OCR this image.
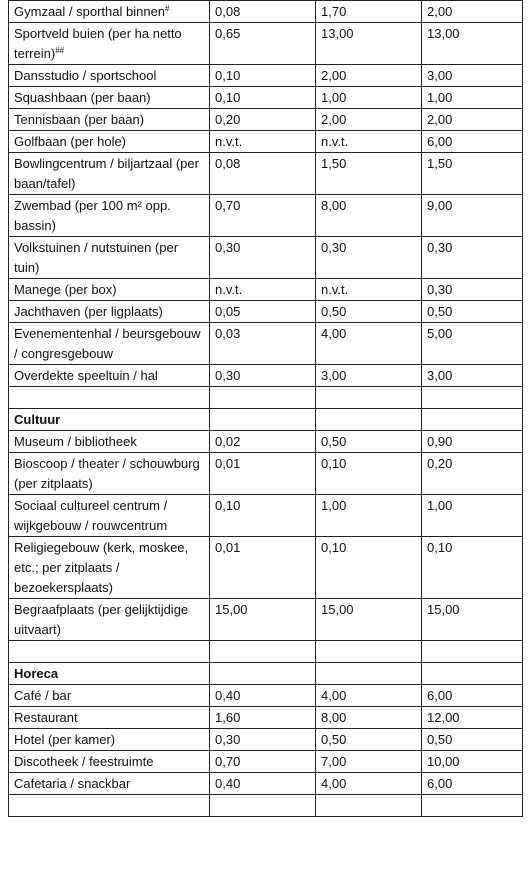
Gymzaal / sporthal binnen#	0,08	1,70	2,00
Sportveld buien (per ha netto terrein)##	0,65	13,00	13,00
Dansstudio / sportschool	0,10	2,00	3,00
Squashbaan (per baan)	0,10	1,00	1,00
Tennisbaan (per baan)	0,20	2,00	2,00
Golfbaan (per hole)	n.v.t.	n.v.t.	6,00
Bowlingcentrum / biljartzaal (per baan/tafel)	0,08	1,50	1,50
Zwembad (per 100 m² opp. bassin)	0,70	8,00	9,00
Volkstuinen / nutstuinen (per tuin)	0,30	0,30	0,30
Manege (per box)	n.v.t.	n.v.t.	0,30
Jachthaven (per ligplaats)	0,05	0,50	0,50
Evenementenhal / beursgebouw / congresgebouw	0,03	4,00	5,00
Overdekte speeltuin / hal	0,30	3,00	3,00

Cultuur			
Museum / bibliotheek	0,02	0,50	0,90
Bioscoop / theater / schouwburg (per zitplaats)	0,01	0,10	0,20
Sociaal cultureel centrum / wijkgebouw / rouwcentrum	0,10	1,00	1,00
Religiegebouw (kerk, moskee, etc.; per zitplaats / bezoekersplaats)	0,01	0,10	0,10
Begraafplaats (per gelijktijdige uitvaart)	15,00	15,00	15,00

Horeca			
Café / bar	0,40	4,00	6,00
Restaurant	1,60	8,00	12,00
Hotel (per kamer)	0,30	0,50	0,50
Discotheek / feestruimte	0,70	7,00	10,00
Cafetaria / snackbar	0,40	4,00	6,00
